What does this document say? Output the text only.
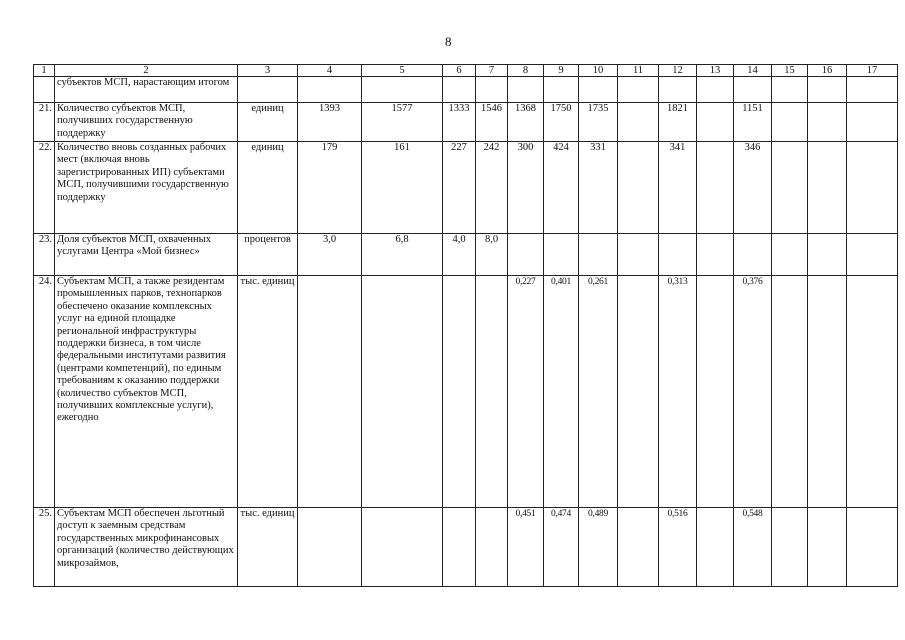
8
1	2	3	4	5	6	7	8	9	10	11	12	13	14	15	16	17
	субъектов МСП, нарастающим итогом															
21.	Количество субъектов МСП, получивших государственную поддержку	единиц	1393	1577	1333	1546	1368	1750	1735		1821		1151			
22.	Количество вновь созданных рабочих мест (включая вновь зарегистрированных ИП) субъектами МСП, получившими государственную поддержку	единиц	179	161	227	242	300	424	331		341		346			
23.	Доля субъектов МСП, охваченных услугами Центра «Мой бизнес»	процентов	3,0	6,8	4,0	8,0										
24.	Субъектам МСП, а также резидентам промышленных парков, технопарков обеспечено оказание комплексных услуг на единой площадке региональной инфраструктуры поддержки бизнеса, в том числе федеральными институтами развития (центрами компетенций), по единым требованиям к оказанию поддержки (количество субъектов МСП, получивших комплексные услуги), ежегодно	тыс. единиц					0,227	0,401	0,261		0,313		0,376			
25.	Субъектам МСП обеспечен льготный доступ к заемным средствам государственных микрофинансовых организаций (количество действующих микрозаймов,	тыс. единиц					0,451	0,474	0,489		0,516		0,548			
